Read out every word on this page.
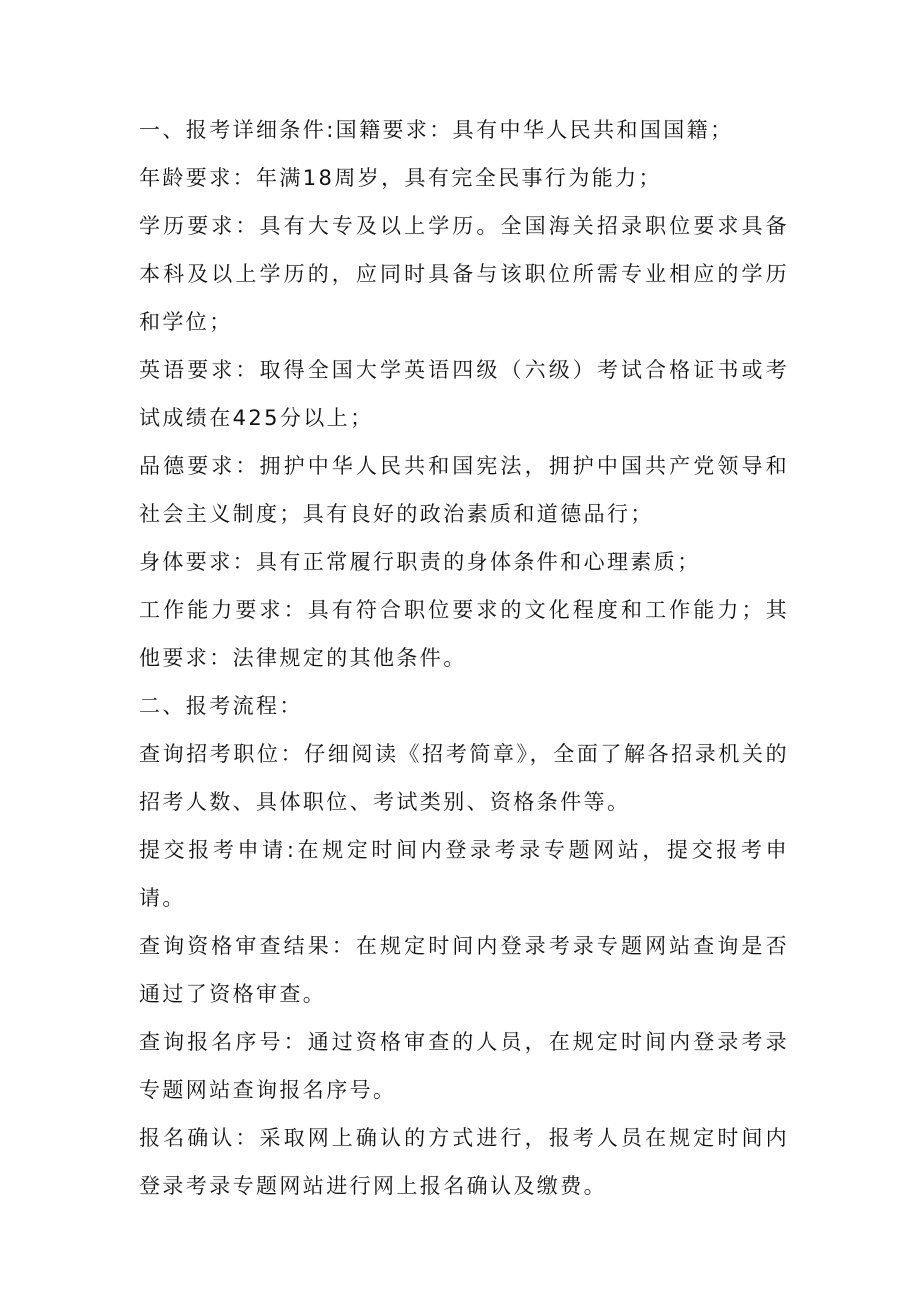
一、报考详细条件:国籍要求：具有中华人民共和国国籍；

年龄要求：年满18周岁，具有完全民事行为能力；

学历要求：具有大专及以上学历。全国海关招录职位要求具备本科及以上学历的，应同时具备与该职位所需专业相应的学历和学位；

英语要求：取得全国大学英语四级（六级）考试合格证书或考试成绩在425分以上；

品德要求：拥护中华人民共和国宪法，拥护中国共产党领导和社会主义制度；具有良好的政治素质和道德品行；

身体要求：具有正常履行职责的身体条件和心理素质；

工作能力要求：具有符合职位要求的文化程度和工作能力；其他要求：法律规定的其他条件。

二、报考流程：

查询招考职位：仔细阅读《招考简章》，全面了解各招录机关的招考人数、具体职位、考试类别、资格条件等。

提交报考申请:在规定时间内登录考录专题网站，提交报考申请。

查询资格审查结果：在规定时间内登录考录专题网站查询是否通过了资格审查。

查询报名序号：通过资格审查的人员，在规定时间内登录考录专题网站查询报名序号。

报名确认：采取网上确认的方式进行，报考人员在规定时间内登录考录专题网站进行网上报名确认及缴费。
